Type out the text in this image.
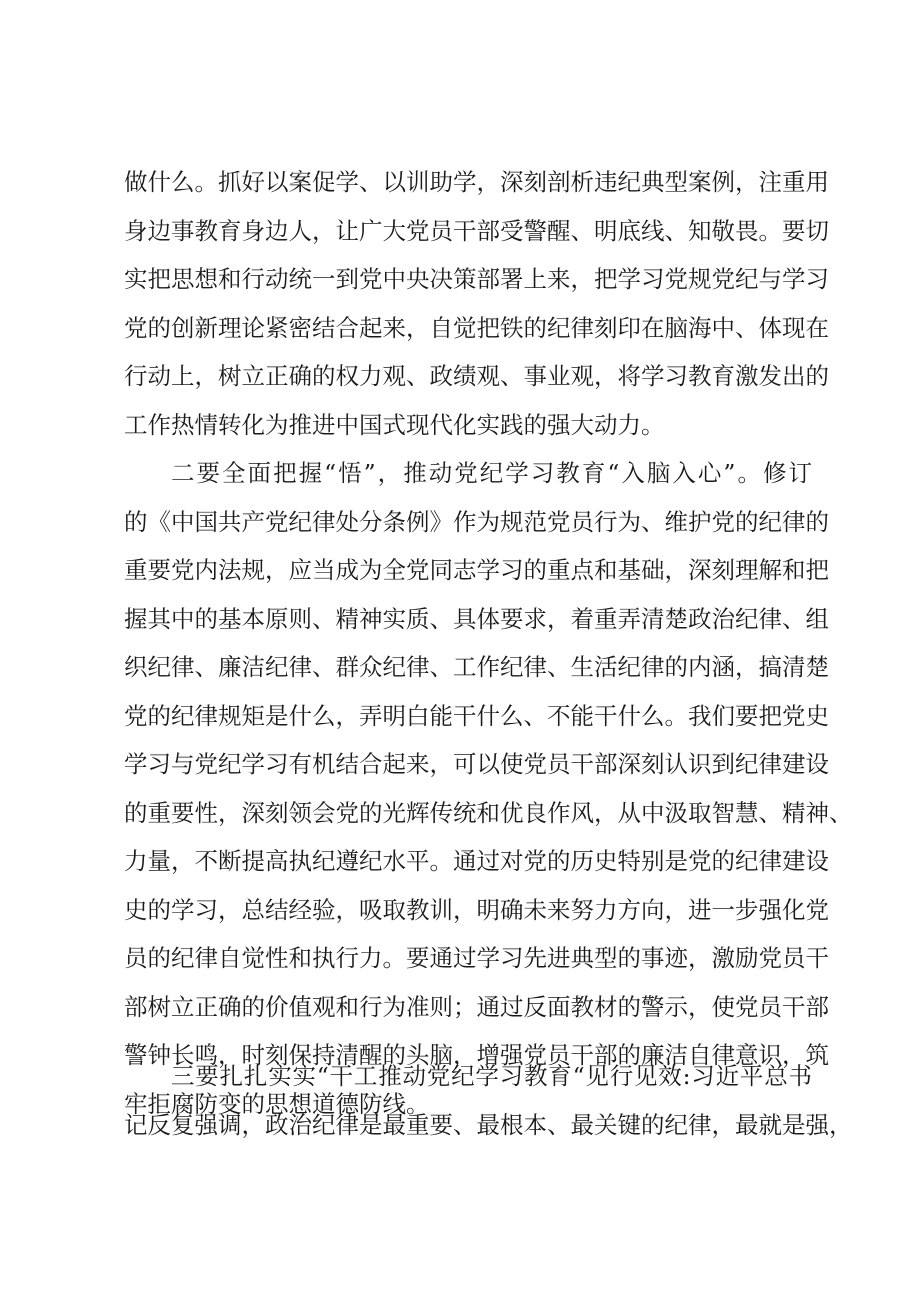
做什么。抓好以案促学、以训助学，深刻剖析违纪典型案例，注重用
身边事教育身边人，让广大党员干部受警醒、明底线、知敬畏。要切
实把思想和行动统一到党中央决策部署上来，把学习党规党纪与学习
党的创新理论紧密结合起来，自觉把铁的纪律刻印在脑海中、体现在
行动上，树立正确的权力观、政绩观、事业观，将学习教育激发出的
工作热情转化为推进中国式现代化实践的强大动力。
二要全面把握“悟”，推动党纪学习教育“入脑入心”。修订
的《中国共产党纪律处分条例》作为规范党员行为、维护党的纪律的
重要党内法规，应当成为全党同志学习的重点和基础，深刻理解和把
握其中的基本原则、精神实质、具体要求，着重弄清楚政治纪律、组
织纪律、廉洁纪律、群众纪律、工作纪律、生活纪律的内涵，搞清楚
党的纪律规矩是什么，弄明白能干什么、不能干什么。我们要把党史
学习与党纪学习有机结合起来，可以使党员干部深刻认识到纪律建设
的重要性，深刻领会党的光辉传统和优良作风，从中汲取智慧、精神、
力量，不断提高执纪遵纪水平。通过对党的历史特别是党的纪律建设
史的学习，总结经验，吸取教训，明确未来努力方向，进一步强化党
员的纪律自觉性和执行力。要通过学习先进典型的事迹，激励党员干
部树立正确的价值观和行为准则；通过反面教材的警示，使党员干部
警钟长鸣，时刻保持清醒的头脑，增强党员干部的廉洁自律意识，筑
牢拒腐防变的思想道德防线。
三要扎扎实实“干工推动党纪学习教育“见行见效:习近平总书
记反复强调，政治纪律是最重要、最根本、最关键的纪律，最就是强，
